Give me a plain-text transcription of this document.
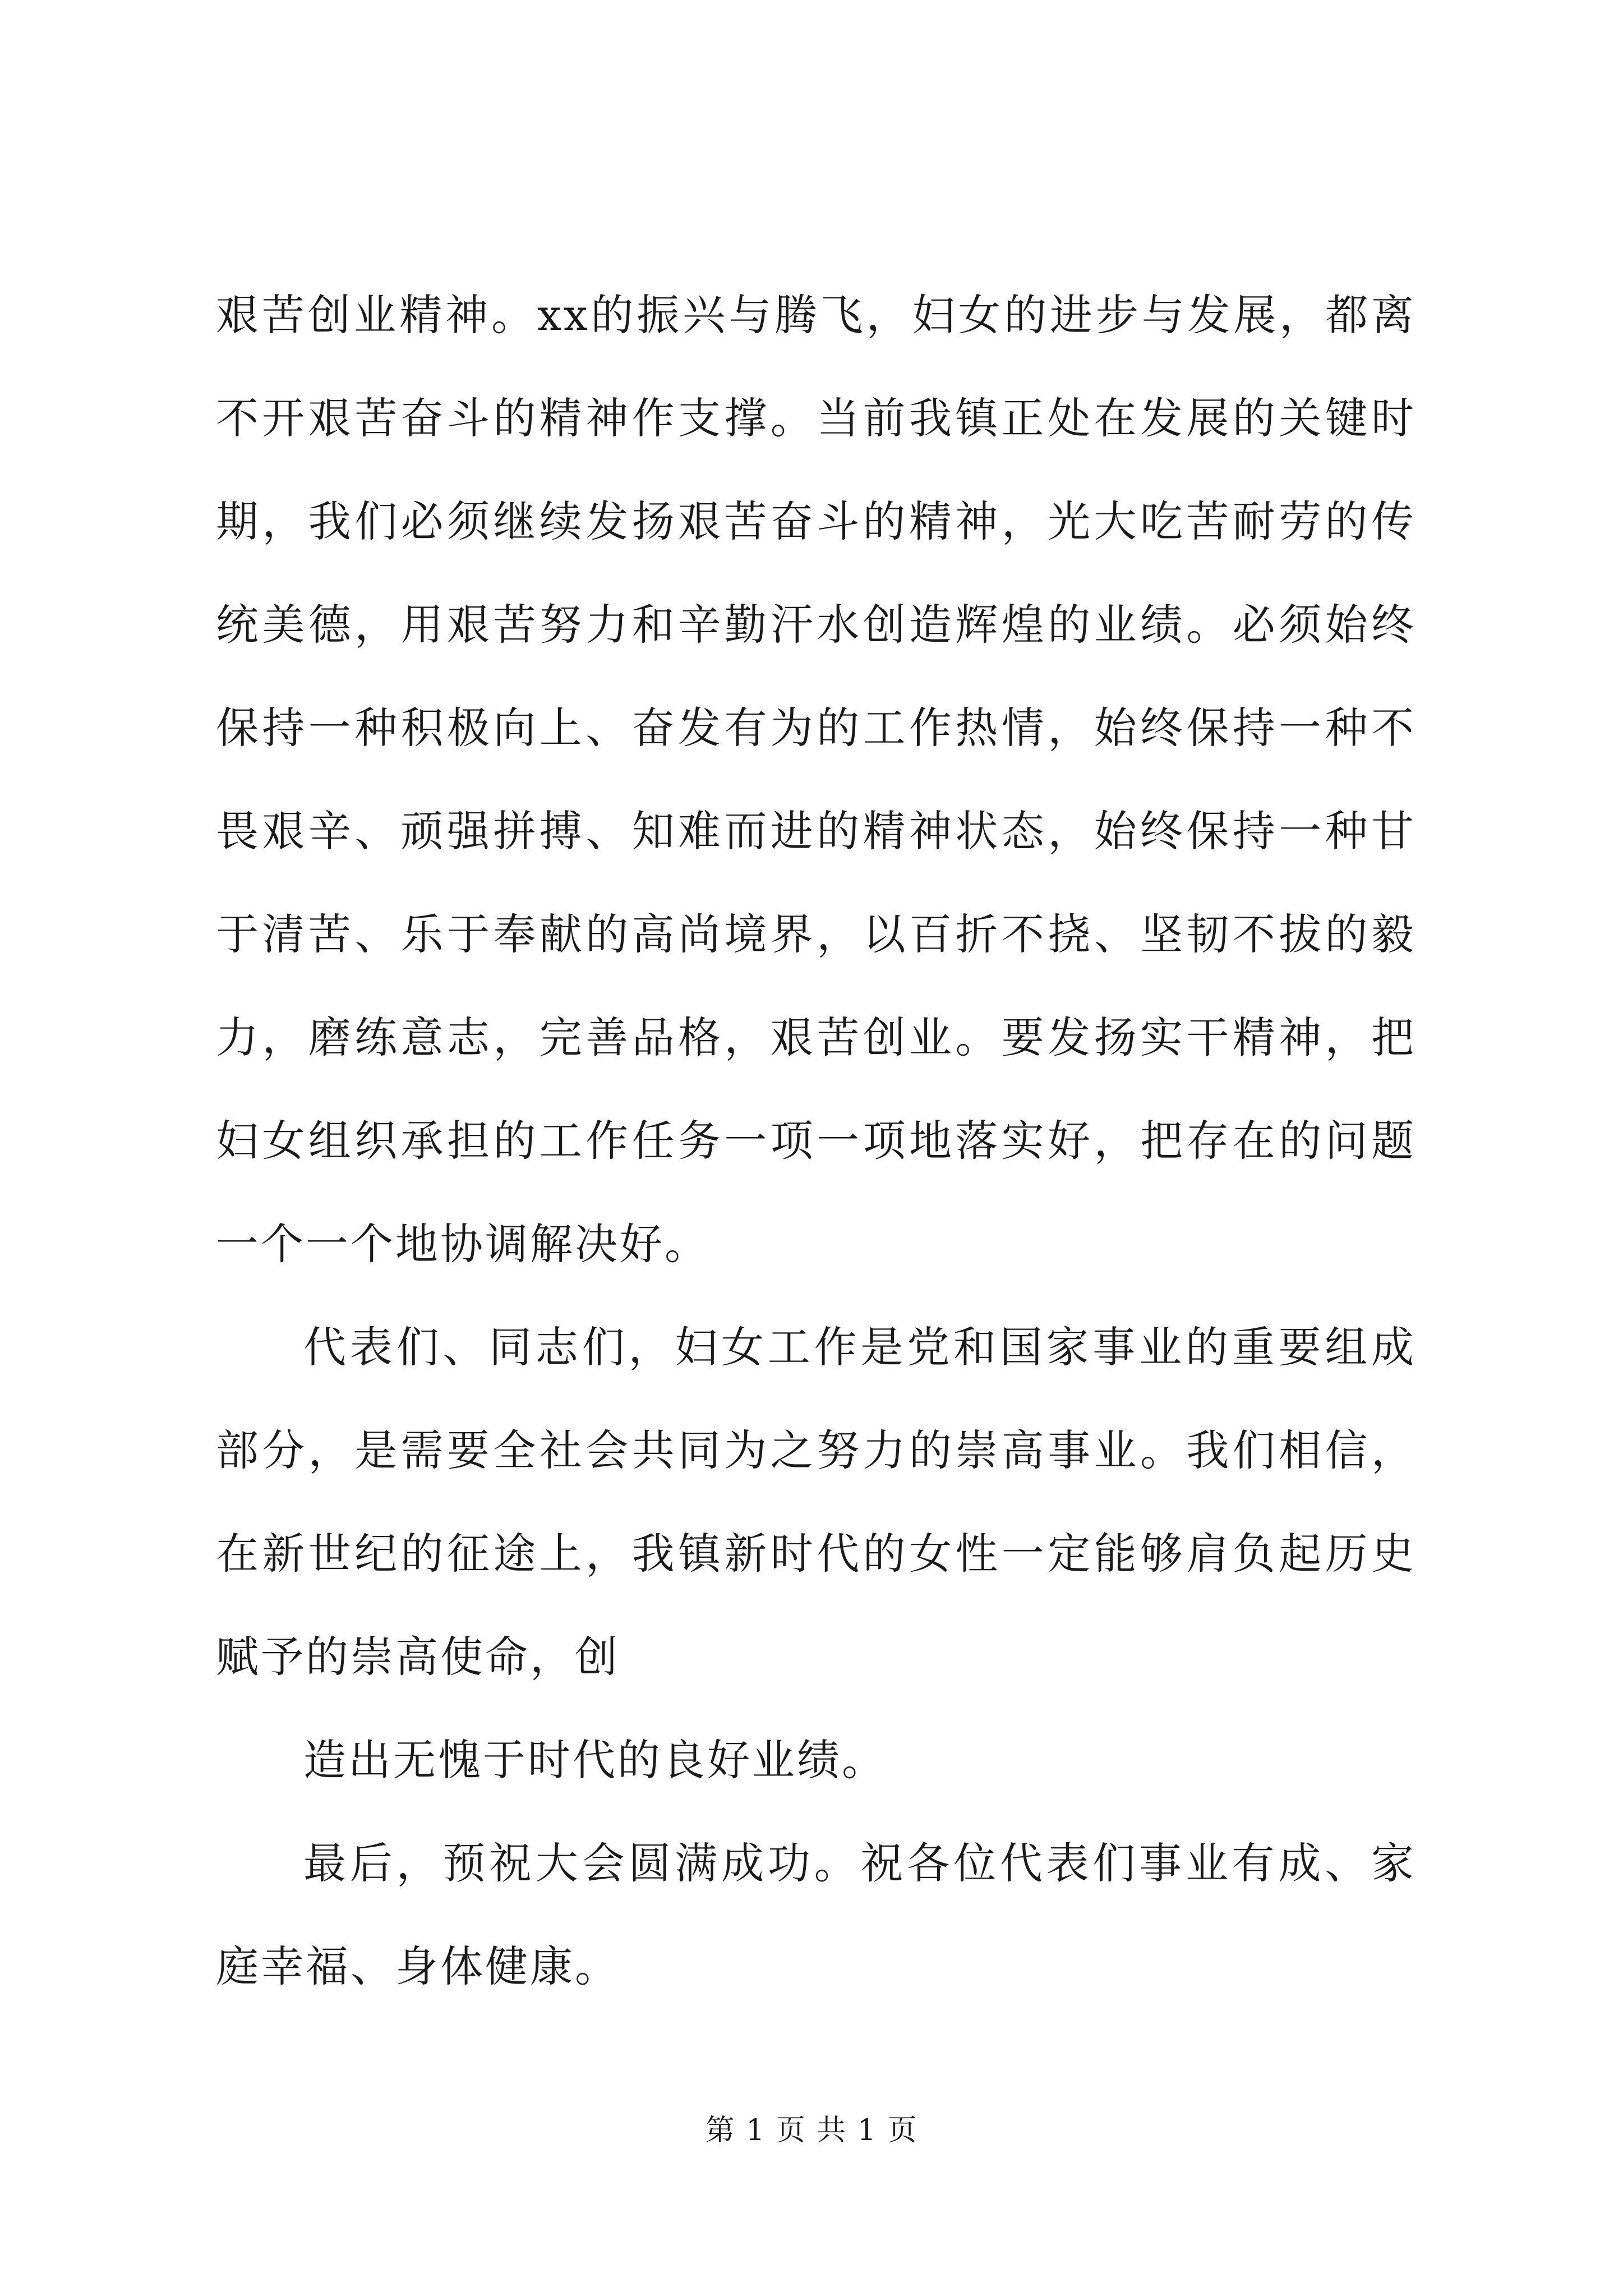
艰苦创业精神。xx的振兴与腾飞，妇女的进步与发展，都离不开艰苦奋斗的精神作支撑。当前我镇正处在发展的关键时期，我们必须继续发扬艰苦奋斗的精神，光大吃苦耐劳的传统美德，用艰苦努力和辛勤汗水创造辉煌的业绩。必须始终保持一种积极向上、奋发有为的工作热情，始终保持一种不畏艰辛、顽强拼搏、知难而进的精神状态，始终保持一种甘于清苦、乐于奉献的高尚境界，以百折不挠、坚韧不拔的毅力，磨练意志，完善品格，艰苦创业。要发扬实干精神，把妇女组织承担的工作任务一项一项地落实好，把存在的问题一个一个地协调解决好。

代表们、同志们，妇女工作是党和国家事业的重要组成部分，是需要全社会共同为之努力的崇高事业。我们相信，在新世纪的征途上，我镇新时代的女性一定能够肩负起历史赋予的崇高使命，创

造出无愧于时代的良好业绩。

最后，预祝大会圆满成功。祝各位代表们事业有成、家庭幸福、身体健康。

第 1 页 共 1 页
